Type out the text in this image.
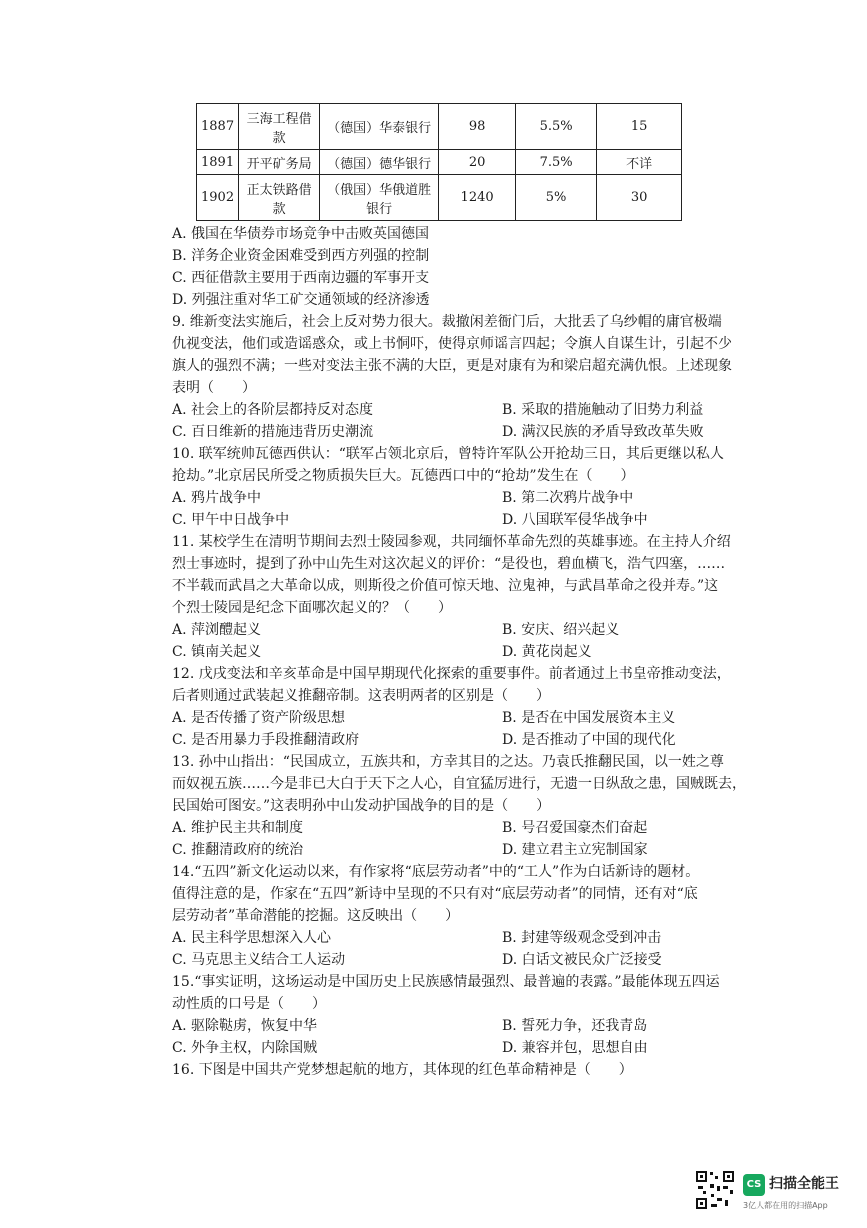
1887	三海工程借款	（德国）华泰银行	98	5.5%	15
1891	开平矿务局	（德国）德华银行	20	7.5%	不详
1902	正太铁路借款	（俄国）华俄道胜银行	1240	5%	30
A. 俄国在华债券市场竞争中击败英国德国
B. 洋务企业资金困难受到西方列强的控制
C. 西征借款主要用于西南边疆的军事开支
D. 列强注重对华工矿交通领域的经济渗透
9. 维新变法实施后，社会上反对势力很大。裁撤闲差衙门后，大批丢了乌纱帽的庸官极端
仇视变法，他们或造谣惑众，或上书恫吓，使得京师谣言四起；令旗人自谋生计，引起不少
旗人的强烈不满；一些对变法主张不满的大臣，更是对康有为和梁启超充满仇恨。上述现象
表明（　　）
A. 社会上的各阶层都持反对态度
C. 百日维新的措施违背历史潮流
10. 联军统帅瓦德西供认：“联军占领北京后，曾特许军队公开抢劫三日，其后更继以私人
抢劫。”北京居民所受之物质损失巨大。瓦德西口中的“抢劫”发生在（　　）
A. 鸦片战争中
C. 甲午中日战争中
11. 某校学生在清明节期间去烈士陵园参观，共同缅怀革命先烈的英雄事迹。在主持人介绍
烈士事迹时，提到了孙中山先生对这次起义的评价：“是役也，碧血横飞，浩气四塞，……
不半载而武昌之大革命以成，则斯役之价值可惊天地、泣鬼神，与武昌革命之役并寿。”这
个烈士陵园是纪念下面哪次起义的？（　　）
A. 萍浏醴起义
C. 镇南关起义
12. 戊戌变法和辛亥革命是中国早期现代化探索的重要事件。前者通过上书皇帝推动变法，
后者则通过武装起义推翻帝制。这表明两者的区别是（　　）
A. 是否传播了资产阶级思想
C. 是否用暴力手段推翻清政府
13. 孙中山指出：“民国成立，五族共和，方幸其目的之达。乃袁氏推翻民国，以一姓之尊
而奴视五族……今是非已大白于天下之人心，自宜猛厉进行，无遗一日纵敌之患，国贼既去，
民国始可图安。”这表明孙中山发动护国战争的目的是（　　）
A. 维护民主共和制度
C. 推翻清政府的统治
14.“五四”新文化运动以来，有作家将“底层劳动者”中的“工人”作为白话新诗的题材。
值得注意的是，作家在“五四”新诗中呈现的不只有对“底层劳动者”的同情，还有对“底
层劳动者”革命潜能的挖掘。这反映出（　　）
A. 民主科学思想深入人心
C. 马克思主义结合工人运动
15.“事实证明，这场运动是中国历史上民族感情最强烈、最普遍的表露。”最能体现五四运
动性质的口号是（　　）
A. 驱除鞑虏，恢复中华
C. 外争主权，内除国贼
16. 下图是中国共产党梦想起航的地方，其体现的红色革命精神是（　　）
B. 采取的措施触动了旧势力利益
D. 满汉民族的矛盾导致改革失败
B. 第二次鸦片战争中
D. 八国联军侵华战争中
B. 安庆、绍兴起义
D. 黄花岗起义
B. 是否在中国发展资本主义
D. 是否推动了中国的现代化
B. 号召爱国豪杰们奋起
D. 建立君主立宪制国家
B. 封建等级观念受到冲击
D. 白话文被民众广泛接受
B. 誓死力争，还我青岛
D. 兼容并包，思想自由
CS 扫描全能王
3亿人都在用的扫描App
